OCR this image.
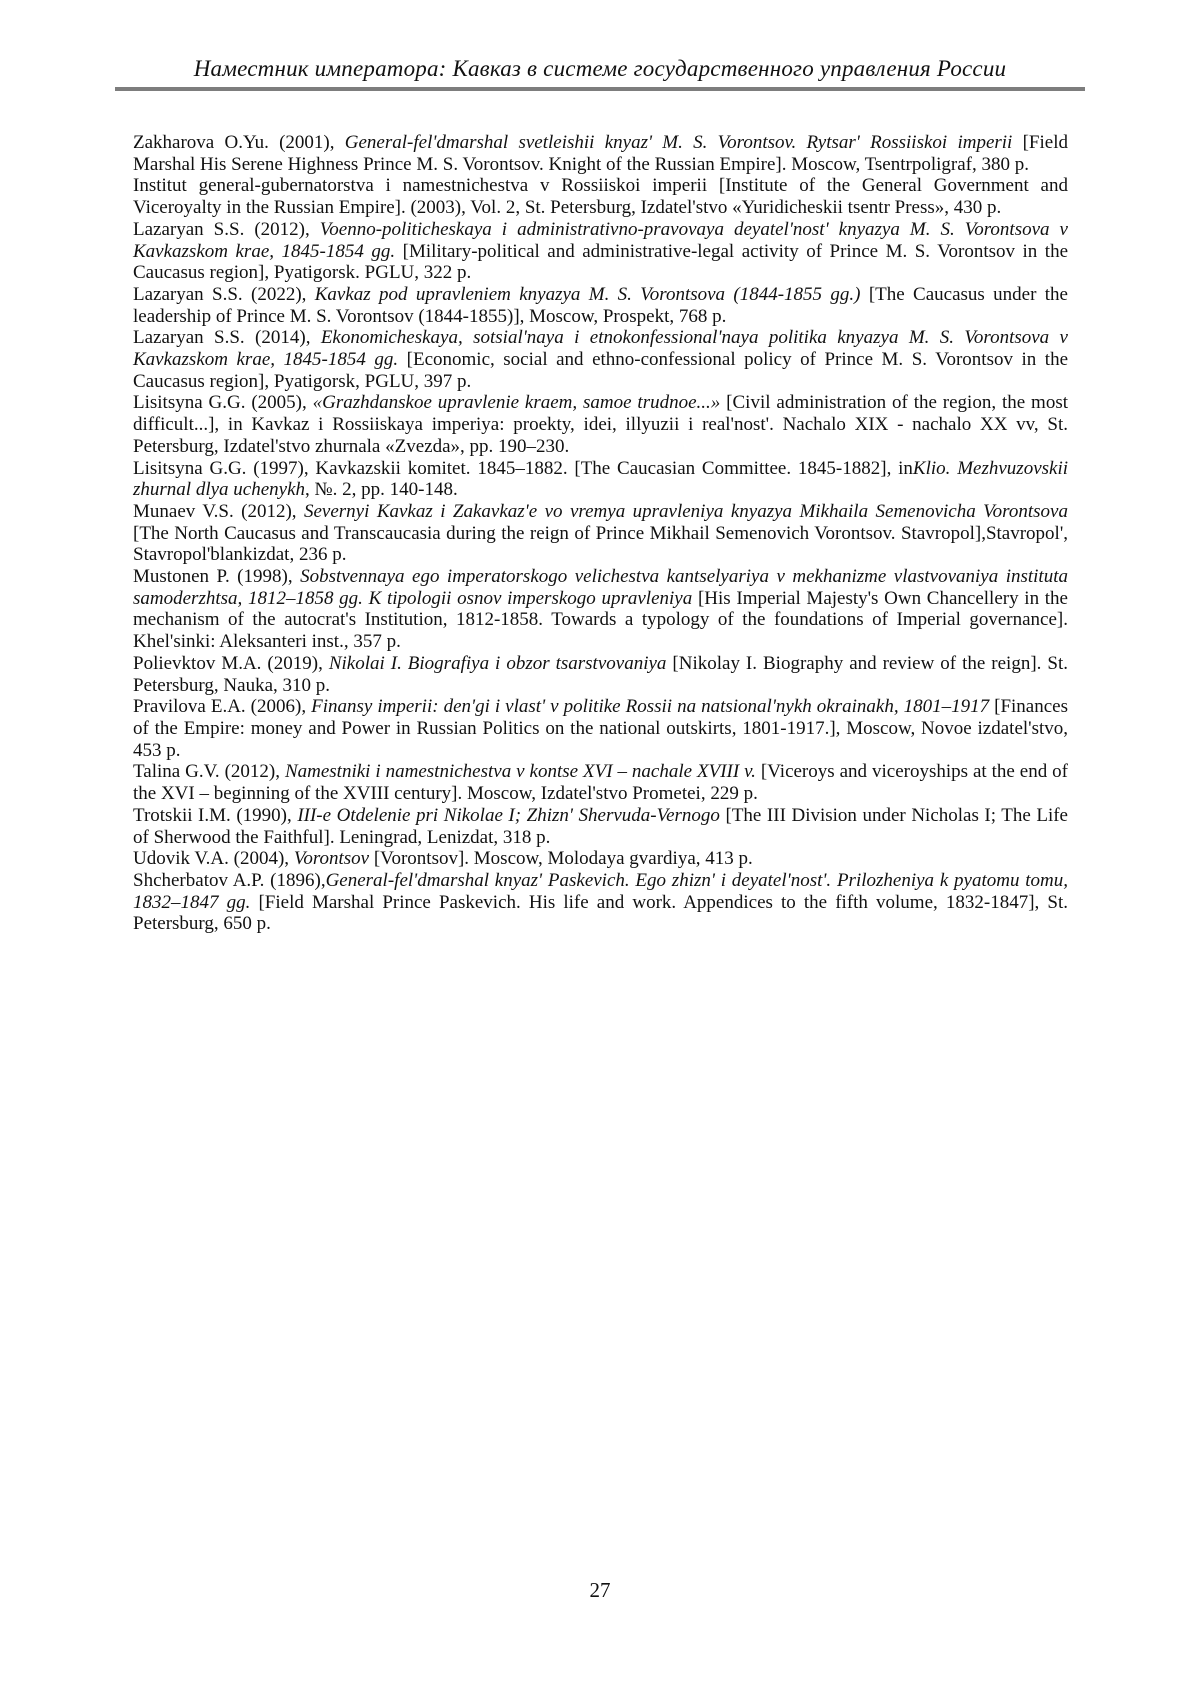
Наместник императора: Кавказ в системе государственного управления России

Zakharova O.Yu. (2001), General-fel'dmarshal svetleishii knyaz' M. S. Vorontsov. Rytsar' Rossiiskoi imperii [Field Marshal His Serene Highness Prince M. S. Vorontsov. Knight of the Russian Empire]. Moscow, Tsentrpoligraf, 380 p.

Institut general-gubernatorstva i namestnichestva v Rossiiskoi imperii [Institute of the General Government and Viceroyalty in the Russian Empire]. (2003), Vol. 2, St. Petersburg, Izdatel'stvo «Yuridicheskii tsentr Press», 430 p.

Lazaryan S.S. (2012), Voenno-politicheskaya i administrativno-pravovaya deyatel'nost' knyazya M. S. Vorontsova v Kavkazskom krae, 1845-1854 gg. [Military-political and administrative-legal activity of Prince M. S. Vorontsov in the Caucasus region], Pyatigorsk. PGLU, 322 p.

Lazaryan S.S. (2022), Kavkaz pod upravleniem knyazya M. S. Vorontsova (1844-1855 gg.) [The Caucasus under the leadership of Prince M. S. Vorontsov (1844-1855)], Moscow, Prospekt, 768 p.

Lazaryan S.S. (2014), Ekonomicheskaya, sotsial'naya i etnokonfessional'naya politika knyazya M. S. Vorontsova v Kavkazskom krae, 1845-1854 gg. [Economic, social and ethno-confessional policy of Prince M. S. Vorontsov in the Caucasus region], Pyatigorsk, PGLU, 397 p.

Lisitsyna G.G. (2005), «Grazhdanskoe upravlenie kraem, samoe trudnoe...» [Civil administration of the region, the most difficult...], in Kavkaz i Rossiiskaya imperiya: proekty, idei, illyuzii i real'nost'. Nachalo XIX - nachalo XX vv, St. Petersburg, Izdatel'stvo zhurnala «Zvezda», pp. 190–230.

Lisitsyna G.G. (1997), Kavkazskii komitet. 1845–1882. [The Caucasian Committee. 1845-1882], inKlio. Mezhvuzovskii zhurnal dlya uchenykh, №. 2, pp. 140-148.

Munaev V.S. (2012), Severnyi Kavkaz i Zakavkaz'e vo vremya upravleniya knyazya Mikhaila Semenovicha Vorontsova [The North Caucasus and Transcaucasia during the reign of Prince Mikhail Semenovich Vorontsov. Stavropol],Stavropol', Stavropol'blankizdat, 236 p.

Mustonen P. (1998), Sobstvennaya ego imperatorskogo velichestva kantselyariya v mekhanizme vlastvovaniya instituta samoderzhtsa, 1812–1858 gg. K tipologii osnov imperskogo upravleniya [His Imperial Majesty's Own Chancellery in the mechanism of the autocrat's Institution, 1812-1858. Towards a typology of the foundations of Imperial governance]. Khel'sinki: Aleksanteri inst., 357 p.

Polievktov M.A. (2019), Nikolai I. Biografiya i obzor tsarstvovaniya [Nikolay I. Biography and review of the reign]. St. Petersburg, Nauka, 310 p.

Pravilova E.A. (2006), Finansy imperii: den'gi i vlast' v politike Rossii na natsional'nykh okrainakh, 1801–1917 [Finances of the Empire: money and Power in Russian Politics on the national outskirts, 1801-1917.], Moscow, Novoe izdatel'stvo, 453 p.

Talina G.V. (2012), Namestniki i namestnichestva v kontse XVI – nachale XVIII v. [Viceroys and viceroyships at the end of the XVI – beginning of the XVIII century]. Moscow, Izdatel'stvo Prometei, 229 p.

Trotskii I.M. (1990), III-e Otdelenie pri Nikolae I; Zhizn' Shervuda-Vernogo [The III Division under Nicholas I; The Life of Sherwood the Faithful]. Leningrad, Lenizdat, 318 p.

Udovik V.A. (2004), Vorontsov [Vorontsov]. Moscow, Molodaya gvardiya, 413 p.

Shcherbatov A.P. (1896),General-fel'dmarshal knyaz' Paskevich. Ego zhizn' i deyatel'nost'. Prilozheniya k pyatomu tomu, 1832–1847 gg. [Field Marshal Prince Paskevich. His life and work. Appendices to the fifth volume, 1832-1847], St. Petersburg, 650 p.

27
